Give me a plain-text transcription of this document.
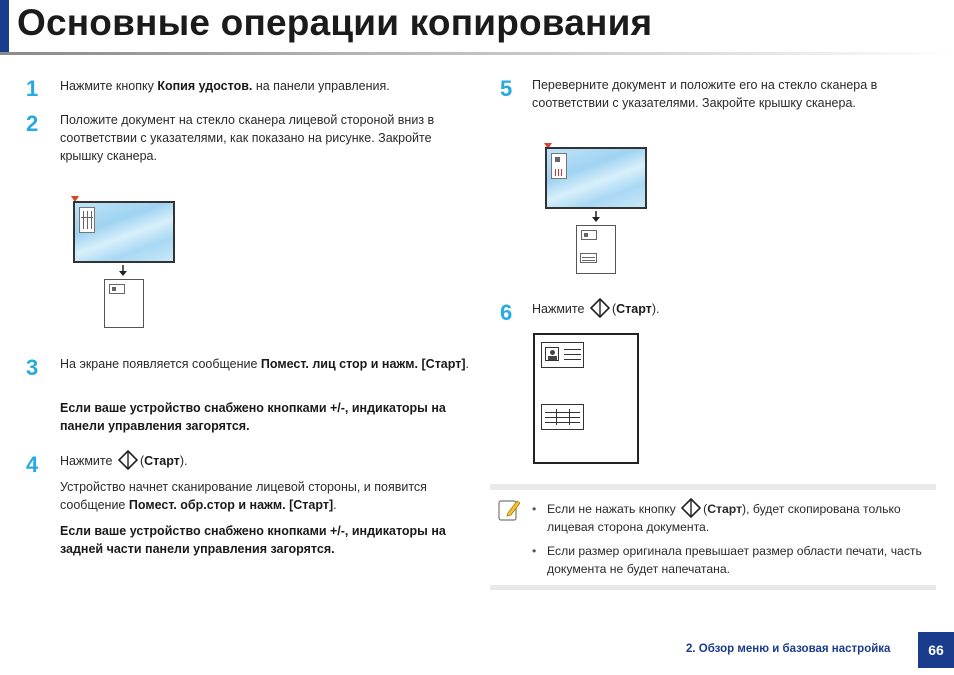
Основные операции копирования
1 Нажмите кнопку Копия удостов. на панели управления.
2 Положите документ на стекло сканера лицевой стороной вниз в соответствии с указателями, как показано на рисунке. Закройте крышку сканера.
3 На экране появляется сообщение Помест. лиц стор и нажм. [Старт].
Если ваше устройство снабжено кнопками +/-, индикаторы на панели управления загорятся.
4 Нажмите (Старт).
Устройство начнет сканирование лицевой стороны, и появится сообщение Помест. обр.стор и нажм. [Старт].
Если ваше устройство снабжено кнопками +/-, индикаторы на задней части панели управления загорятся.
5 Переверните документ и положите его на стекло сканера в соответствии с указателями. Закройте крышку сканера.
6 Нажмите (Старт).
• Если не нажать кнопку (Старт), будет скопирована только лицевая сторона документа.
• Если размер оригинала превышает размер области печати, часть документа не будет напечатана.
2. Обзор меню и базовая настройка	66
